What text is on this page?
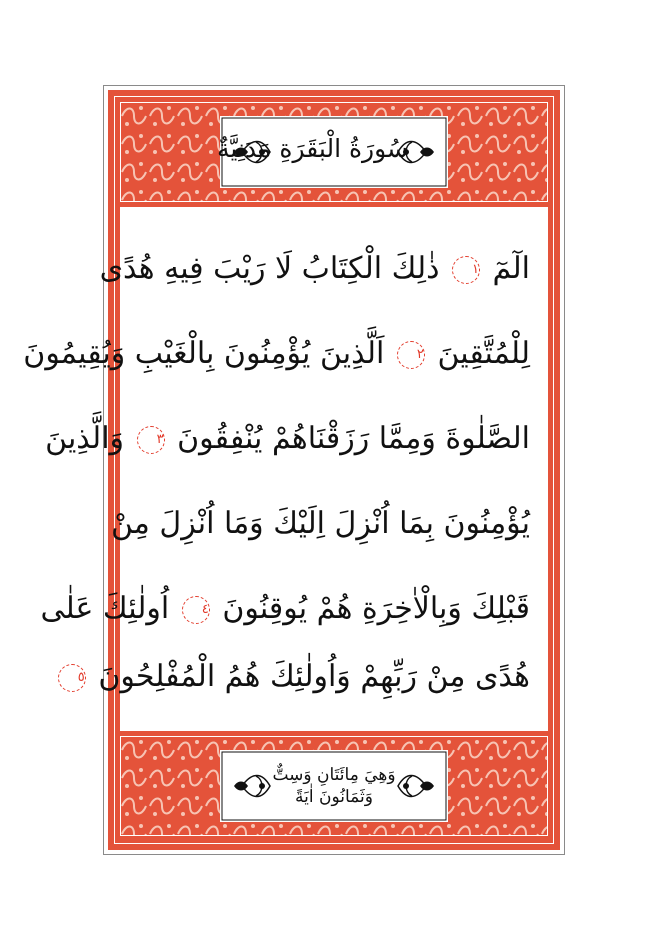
سُورَةُ الْبَقَرَةِ مَدَنِيَّةٌ
الٓمٓ ١ ذٰلِكَ الْكِتَابُ لَا رَيْبَ فِيهِ هُدًى
لِلْمُتَّقِينَ ٢ اَلَّذِينَ يُؤْمِنُونَ بِالْغَيْبِ وَيُقِيمُونَ
الصَّلٰوةَ وَمِمَّا رَزَقْنَاهُمْ يُنْفِقُونَ ٣ وَالَّذِينَ
يُؤْمِنُونَ بِمَا اُنْزِلَ اِلَيْكَ وَمَا اُنْزِلَ مِنْ
قَبْلِكَ وَبِالْاٰخِرَةِ هُمْ يُوقِنُونَ ٤ اُولٰئِكَ عَلٰى
هُدًى مِنْ رَبِّهِمْ وَاُولٰئِكَ هُمُ الْمُفْلِحُونَ ٥
وَهِيَ مِائَتَانِ وَسِتٌّ
وَثَمَانُونَ اٰيَةً
